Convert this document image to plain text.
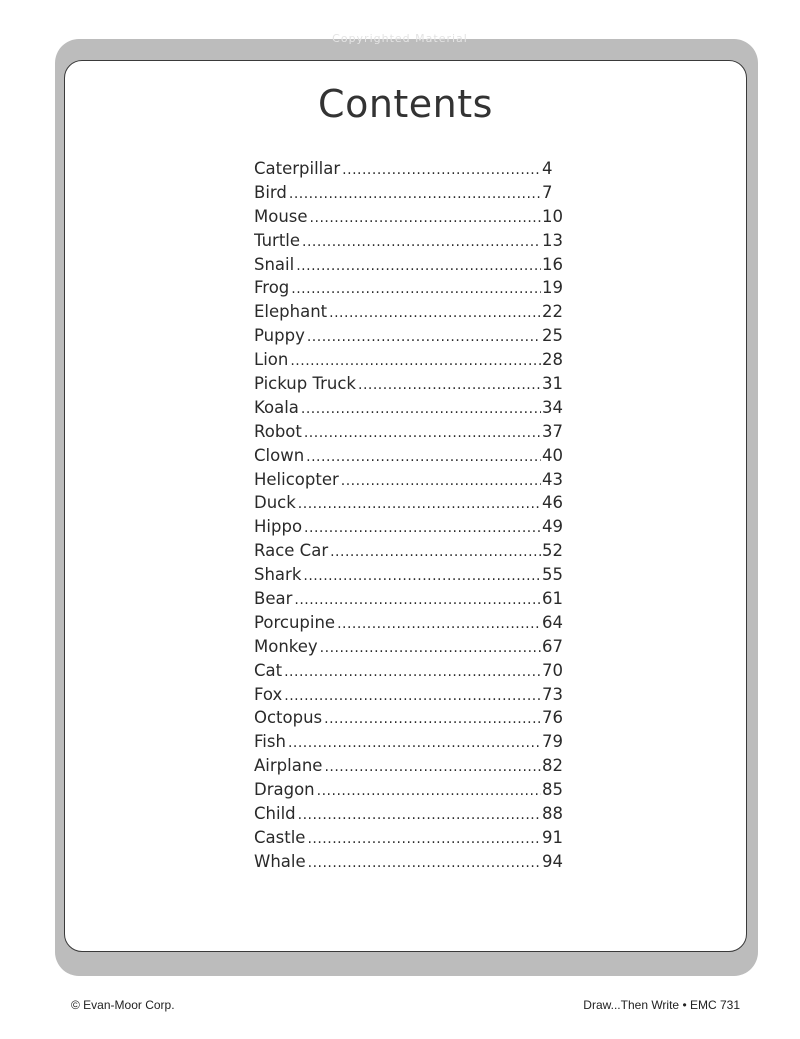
Copyrighted Material
Contents
Caterpillar .....	4
Bird .....	7
Mouse .....	10
Turtle .....	13
Snail .....	16
Frog .....	19
Elephant .....	22
Puppy .....	25
Lion .....	28
Pickup Truck .....	31
Koala .....	34
Robot .....	37
Clown .....	40
Helicopter .....	43
Duck .....	46
Hippo .....	49
Race Car .....	52
Shark .....	55
Bear .....	61
Porcupine .....	64
Monkey .....	67
Cat .....	70
Fox .....	73
Octopus .....	76
Fish .....	79
Airplane .....	82
Dragon .....	85
Child .....	88
Castle .....	91
Whale .....	94
© Evan-Moor Corp.	Draw...Then Write • EMC 731
